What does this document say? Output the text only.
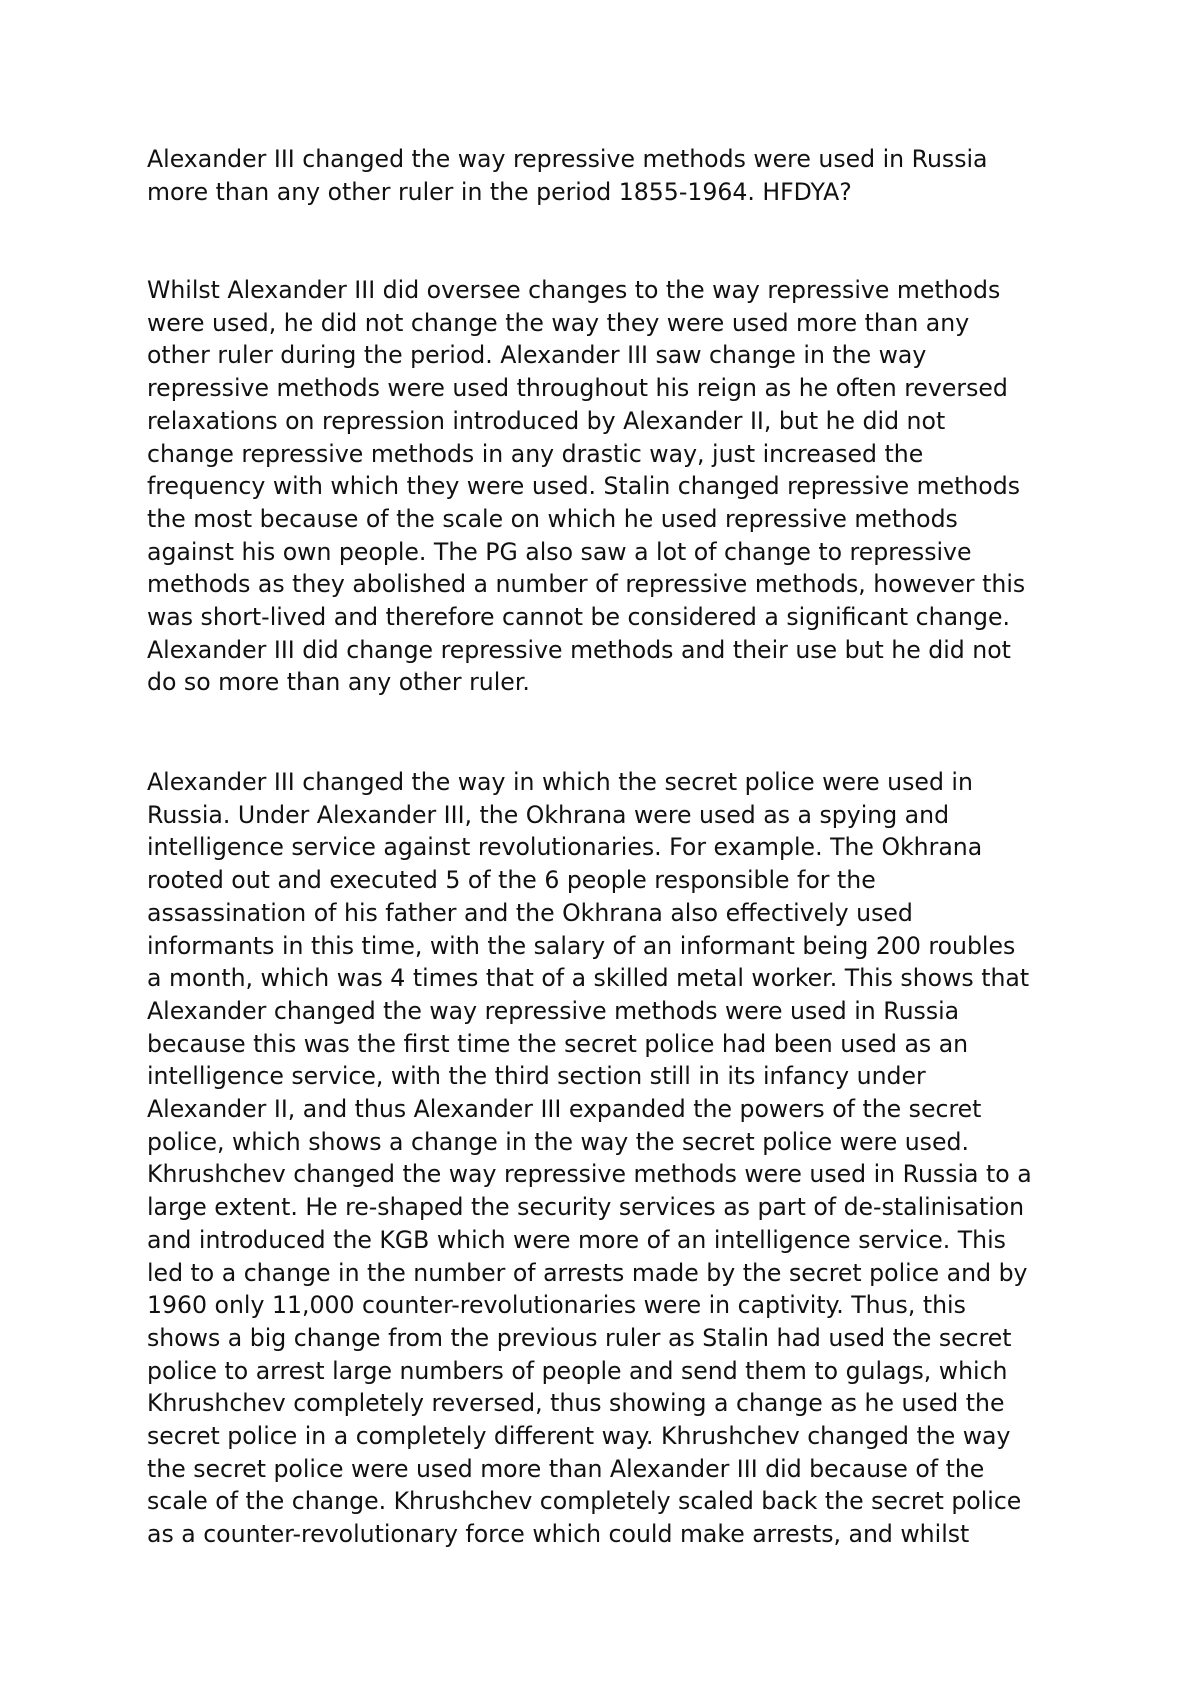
Alexander III changed the way repressive methods were used in Russia
more than any other ruler in the period 1855-1964. HFDYA?

Whilst Alexander III did oversee changes to the way repressive methods
were used, he did not change the way they were used more than any
other ruler during the period. Alexander III saw change in the way
repressive methods were used throughout his reign as he often reversed
relaxations on repression introduced by Alexander II, but he did not
change repressive methods in any drastic way, just increased the
frequency with which they were used. Stalin changed repressive methods
the most because of the scale on which he used repressive methods
against his own people. The PG also saw a lot of change to repressive
methods as they abolished a number of repressive methods, however this
was short-lived and therefore cannot be considered a significant change.
Alexander III did change repressive methods and their use but he did not
do so more than any other ruler.

Alexander III changed the way in which the secret police were used in
Russia. Under Alexander III, the Okhrana were used as a spying and
intelligence service against revolutionaries. For example. The Okhrana
rooted out and executed 5 of the 6 people responsible for the
assassination of his father and the Okhrana also effectively used
informants in this time, with the salary of an informant being 200 roubles
a month, which was 4 times that of a skilled metal worker. This shows that
Alexander changed the way repressive methods were used in Russia
because this was the first time the secret police had been used as an
intelligence service, with the third section still in its infancy under
Alexander II, and thus Alexander III expanded the powers of the secret
police, which shows a change in the way the secret police were used.
Khrushchev changed the way repressive methods were used in Russia to a
large extent. He re-shaped the security services as part of de-stalinisation
and introduced the KGB which were more of an intelligence service. This
led to a change in the number of arrests made by the secret police and by
1960 only 11,000 counter-revolutionaries were in captivity. Thus, this
shows a big change from the previous ruler as Stalin had used the secret
police to arrest large numbers of people and send them to gulags, which
Khrushchev completely reversed, thus showing a change as he used the
secret police in a completely different way. Khrushchev changed the way
the secret police were used more than Alexander III did because of the
scale of the change. Khrushchev completely scaled back the secret police
as a counter-revolutionary force which could make arrests, and whilst
